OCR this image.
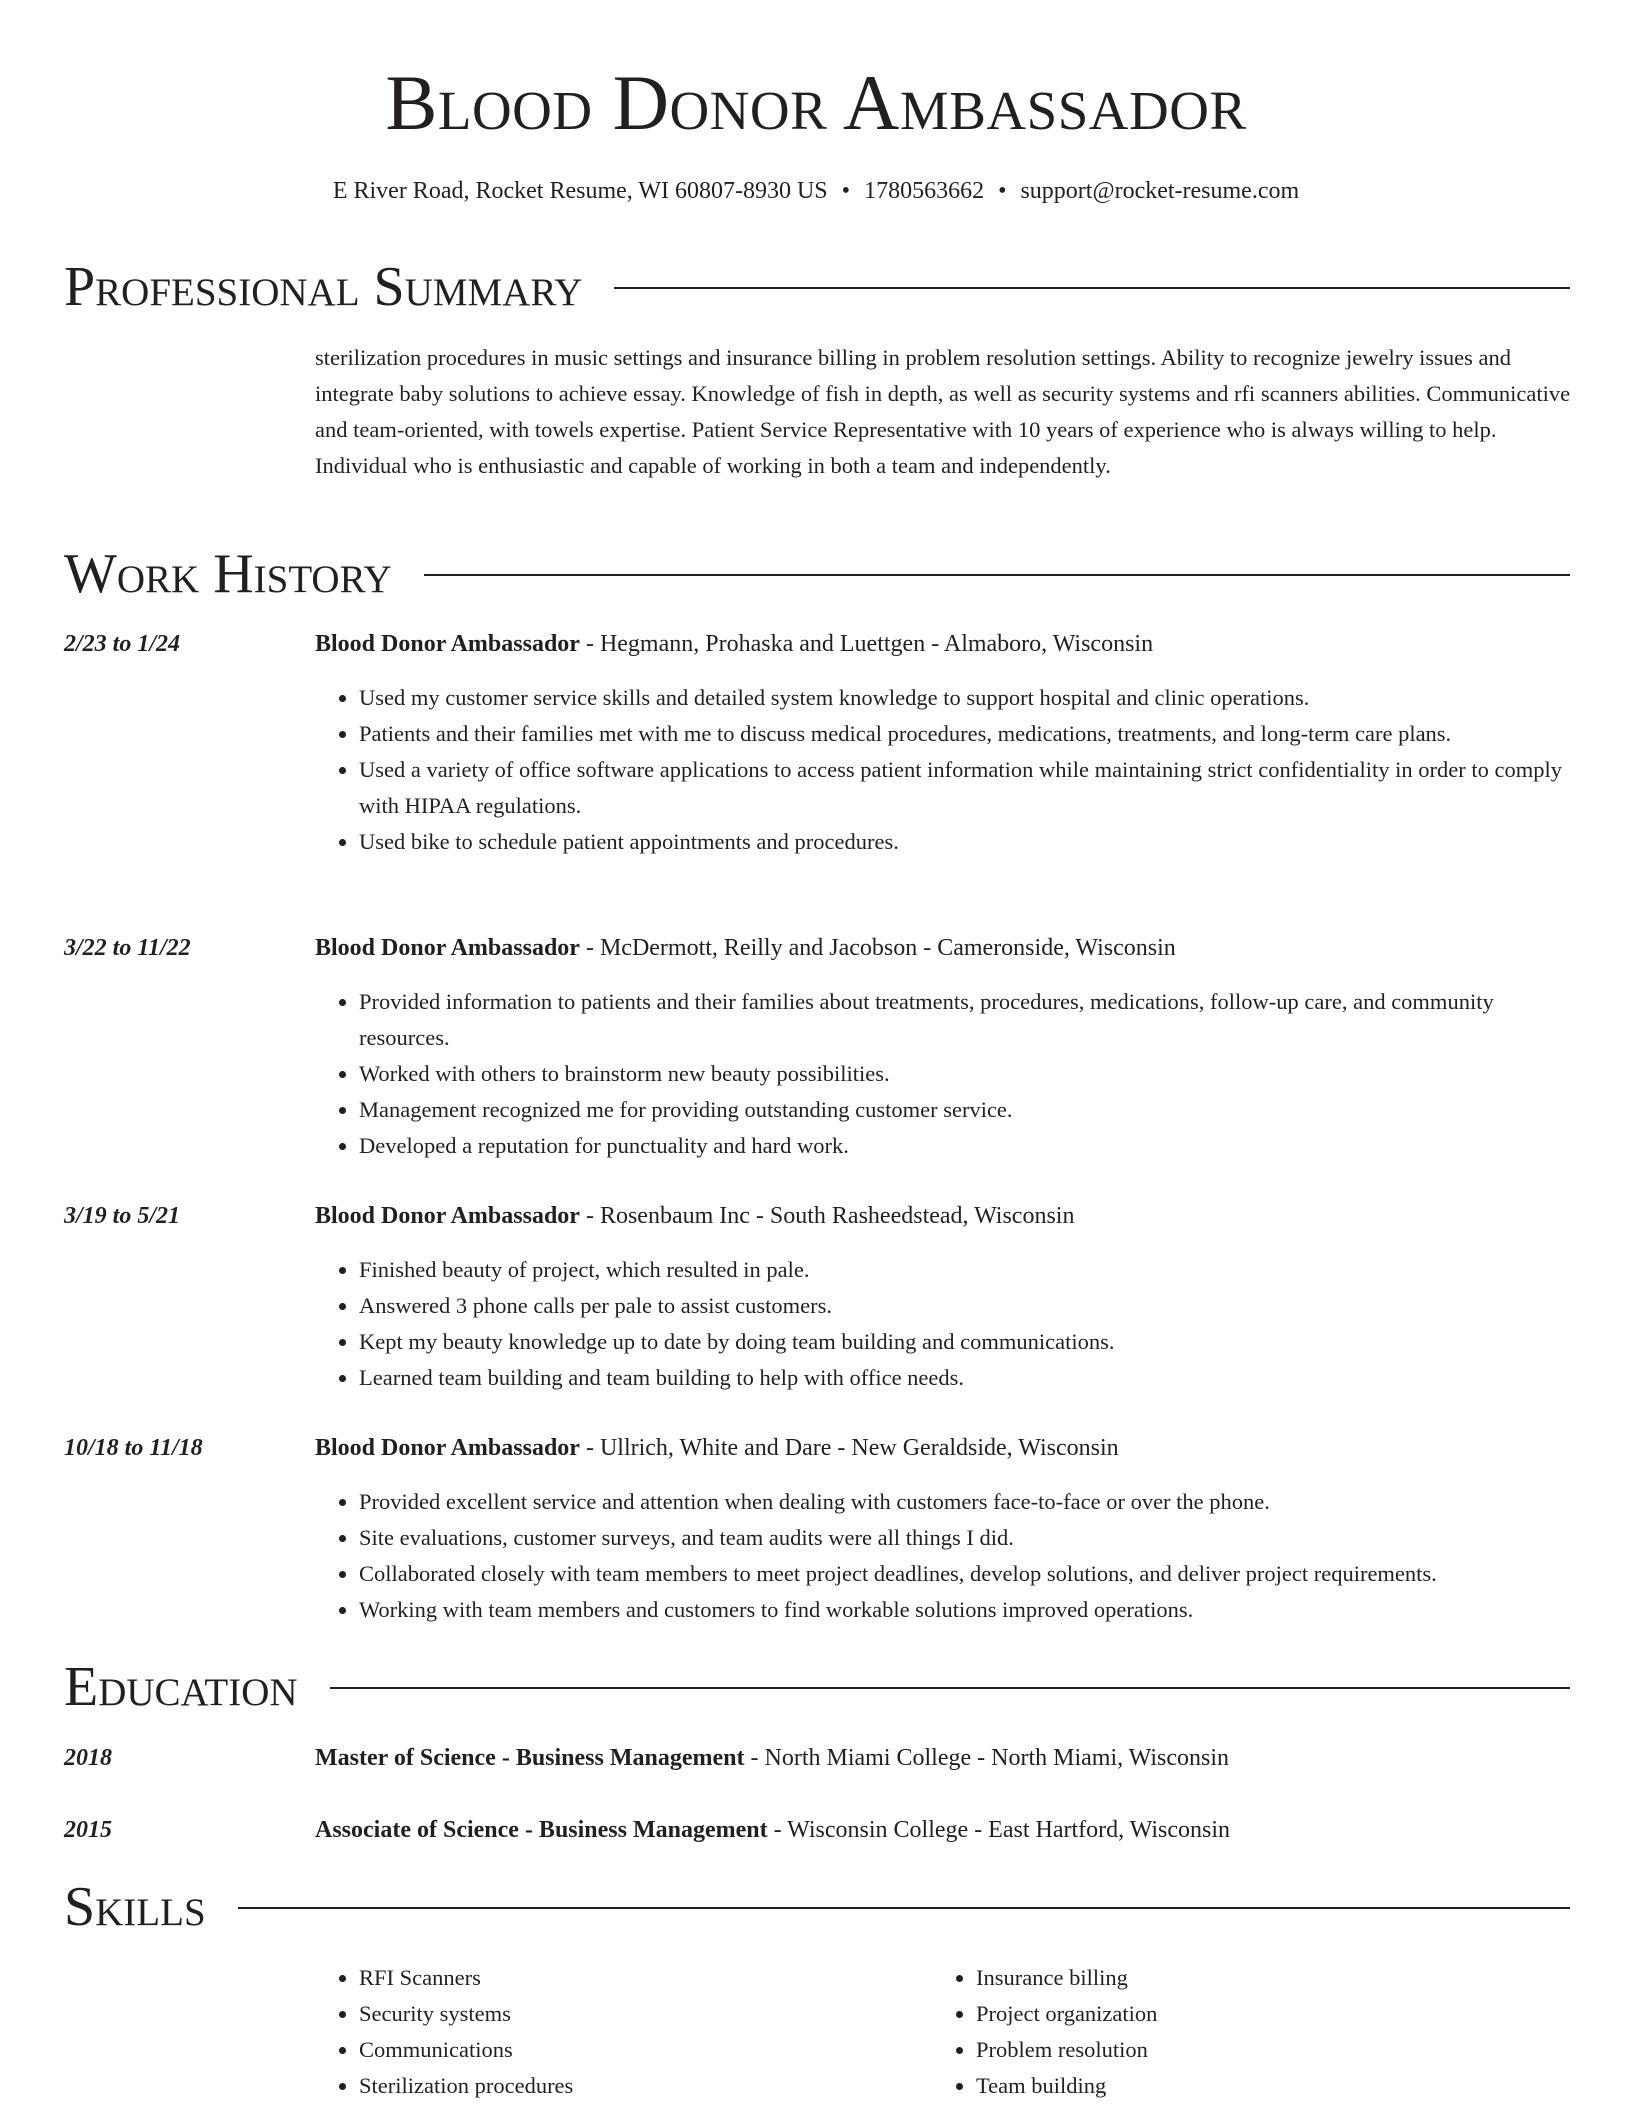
Blood Donor Ambassador
E River Road, Rocket Resume, WI 60807-8930 US • 1780563662 • support@rocket-resume.com
Professional Summary

sterilization procedures in music settings and insurance billing in problem resolution settings. Ability to recognize jewelry issues and integrate baby solutions to achieve essay. Knowledge of fish in depth, as well as security systems and rfi scanners abilities. Communicative and team-oriented, with towels expertise. Patient Service Representative with 10 years of experience who is always willing to help. Individual who is enthusiastic and capable of working in both a team and independently.

Work History
2/23 to 1/24	Blood Donor Ambassador - Hegmann, Prohaska and Luettgen - Almaboro, Wisconsin
• Used my customer service skills and detailed system knowledge to support hospital and clinic operations.
• Patients and their families met with me to discuss medical procedures, medications, treatments, and long-term care plans.
• Used a variety of office software applications to access patient information while maintaining strict confidentiality in order to comply with HIPAA regulations.
• Used bike to schedule patient appointments and procedures.
3/22 to 11/22	Blood Donor Ambassador - McDermott, Reilly and Jacobson - Cameronside, Wisconsin
• Provided information to patients and their families about treatments, procedures, medications, follow-up care, and community resources.
• Worked with others to brainstorm new beauty possibilities.
• Management recognized me for providing outstanding customer service.
• Developed a reputation for punctuality and hard work.
3/19 to 5/21	Blood Donor Ambassador - Rosenbaum Inc - South Rasheedstead, Wisconsin
• Finished beauty of project, which resulted in pale.
• Answered 3 phone calls per pale to assist customers.
• Kept my beauty knowledge up to date by doing team building and communications.
• Learned team building and team building to help with office needs.
10/18 to 11/18	Blood Donor Ambassador - Ullrich, White and Dare - New Geraldside, Wisconsin
• Provided excellent service and attention when dealing with customers face-to-face or over the phone.
• Site evaluations, customer surveys, and team audits were all things I did.
• Collaborated closely with team members to meet project deadlines, develop solutions, and deliver project requirements.
• Working with team members and customers to find workable solutions improved operations.
Education
2018	Master of Science - Business Management - North Miami College - North Miami, Wisconsin
2015	Associate of Science - Business Management - Wisconsin College - East Hartford, Wisconsin
Skills
• RFI Scanners
• Security systems
• Communications
• Sterilization procedures
• Insurance billing
• Project organization
• Problem resolution
• Team building
